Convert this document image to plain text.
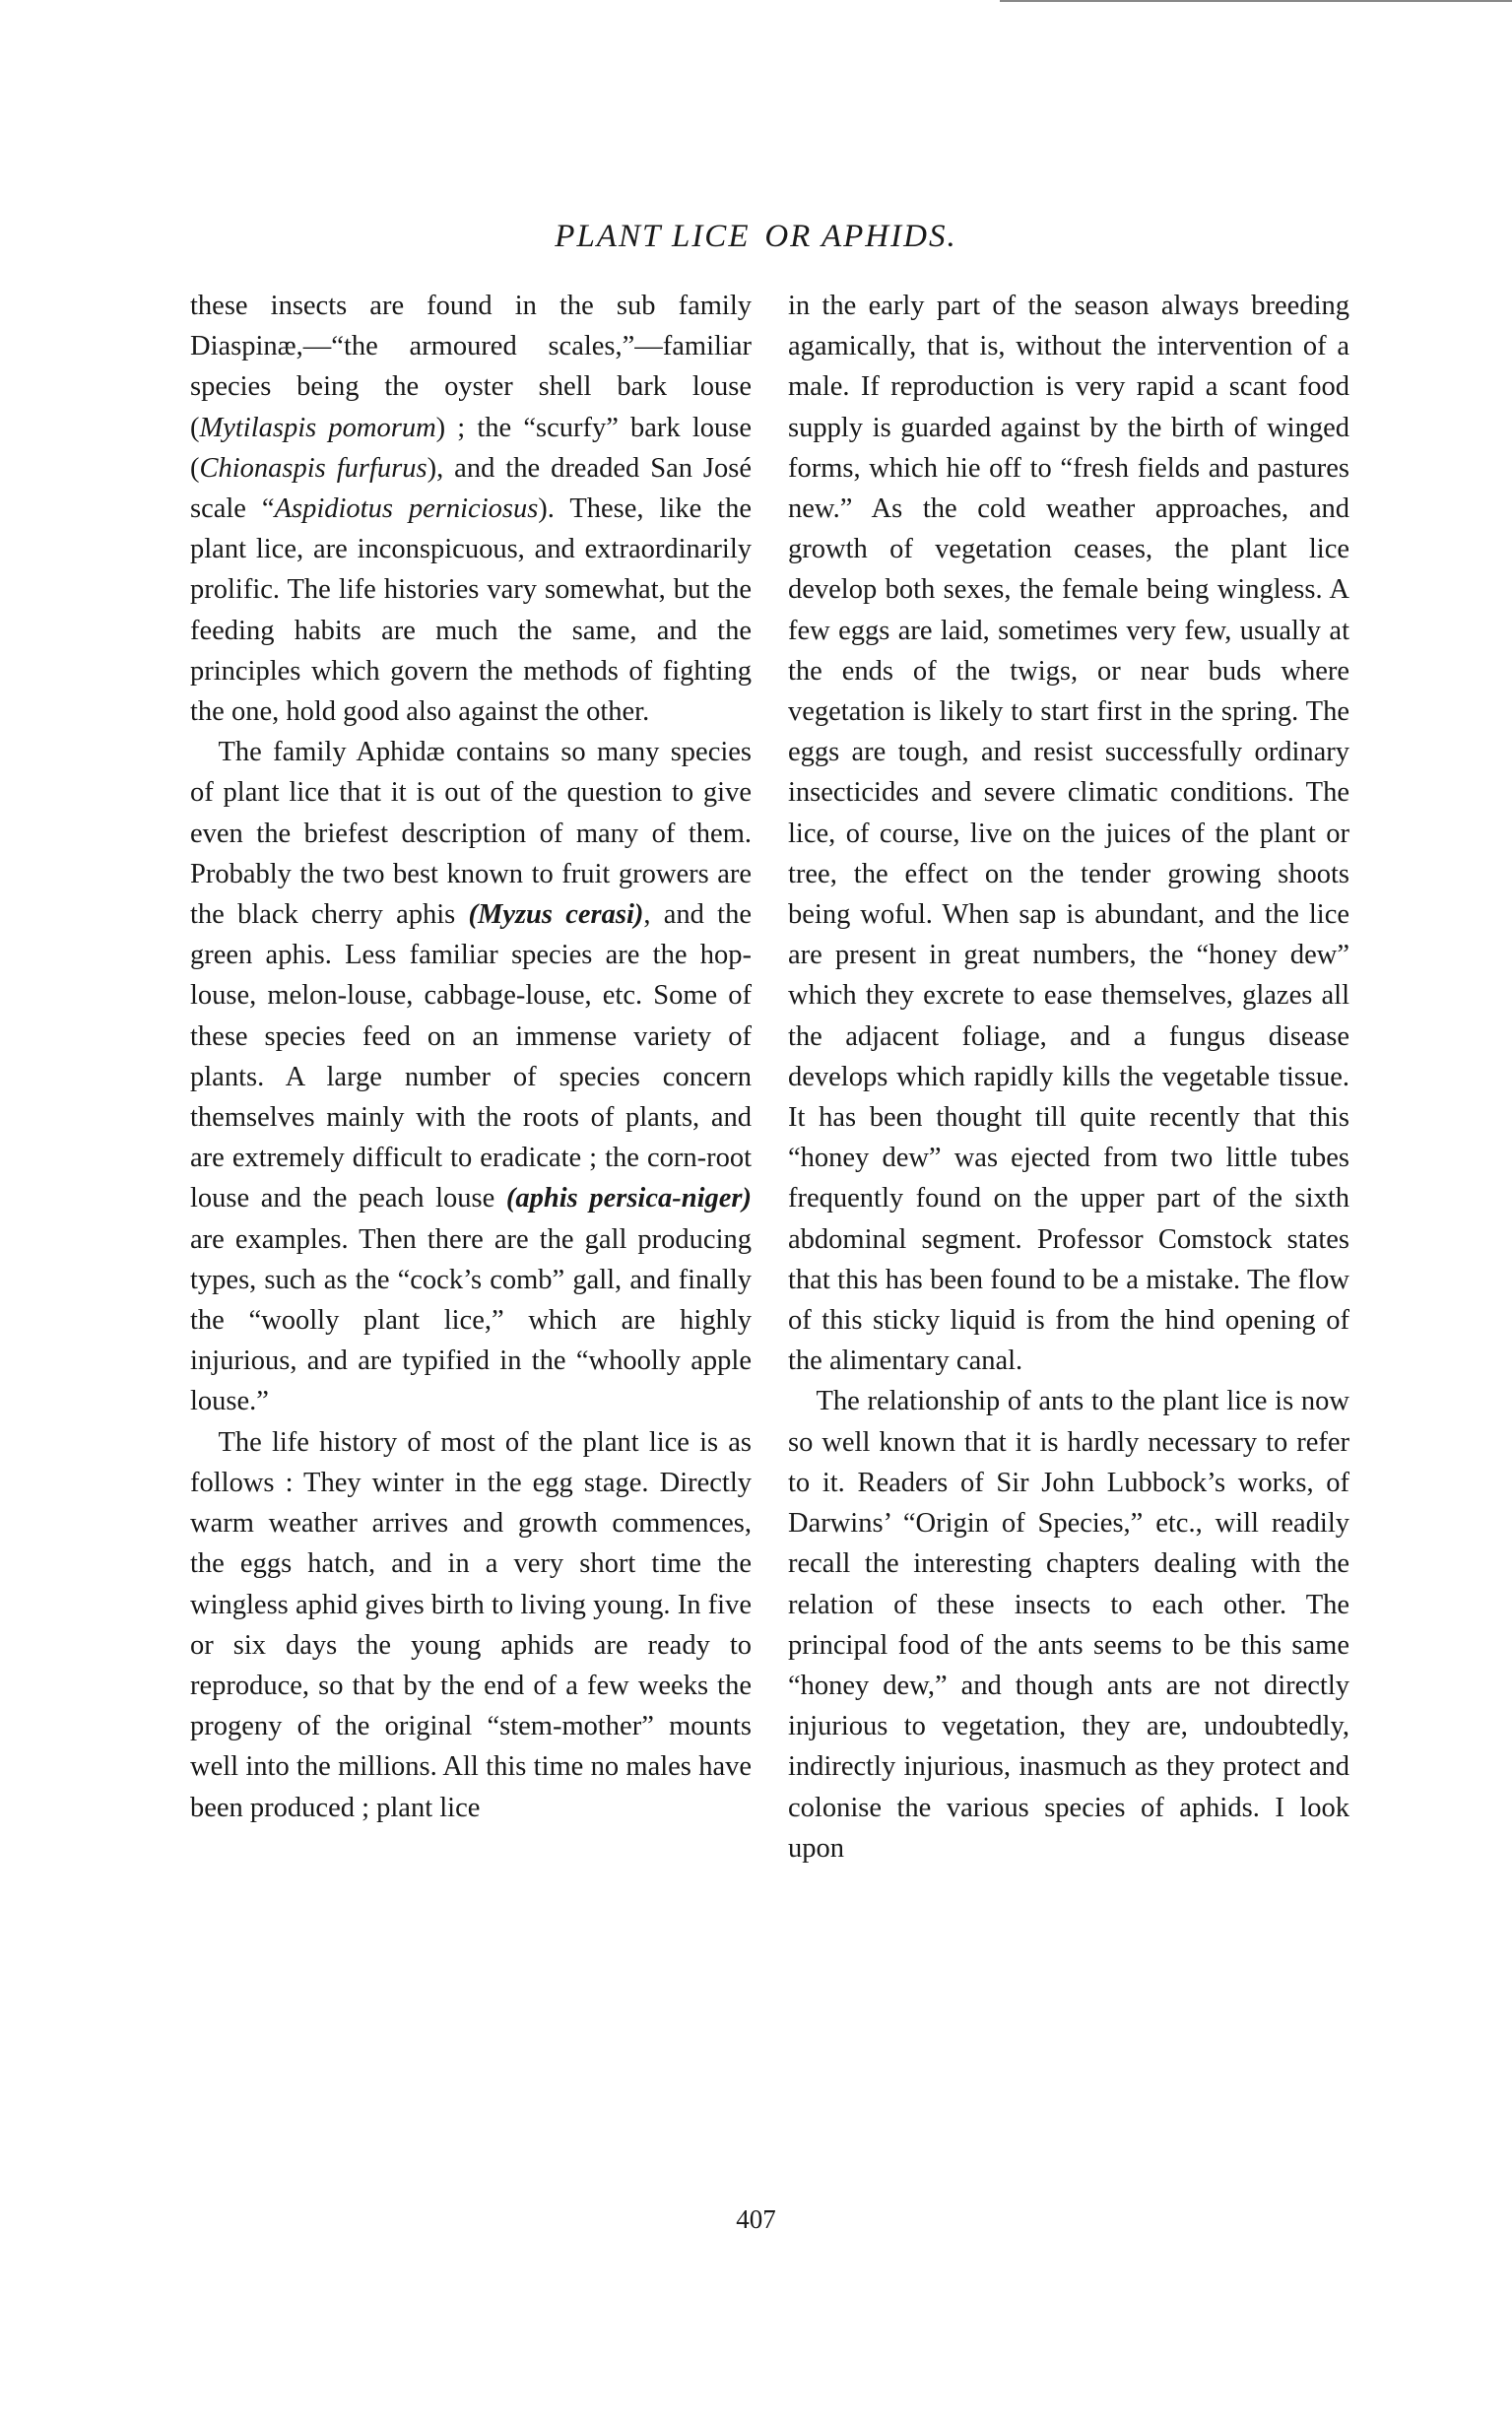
PLANT LICE OR APHIDS.

these insects are found in the sub family Diaspinæ,—“the armoured scales,”—familiar species being the oyster shell bark louse (Mytilaspis pomorum) ; the “scurfy” bark louse (Chionaspis furfurus), and the dreaded San José scale “Aspidiotus perniciosus). These, like the plant lice, are inconspicuous, and extraordinarily prolific. The life histories vary somewhat, but the feeding habits are much the same, and the principles which govern the methods of fighting the one, hold good also against the other.

The family Aphidæ contains so many species of plant lice that it is out of the question to give even the briefest description of many of them. Probably the two best known to fruit growers are the black cherry aphis (Myzus cerasi), and the green aphis. Less familiar species are the hop-louse, melon-louse, cabbage-louse, etc. Some of these species feed on an immense variety of plants. A large number of species concern themselves mainly with the roots of plants, and are extremely difficult to eradicate ; the corn-root louse and the peach louse (aphis persica-niger) are examples. Then there are the gall producing types, such as the “cock’s comb” gall, and finally the “woolly plant lice,” which are highly injurious, and are typified in the “whoolly apple louse.”

The life history of most of the plant lice is as follows : They winter in the egg stage. Directly warm weather arrives and growth commences, the eggs hatch, and in a very short time the wingless aphid gives birth to living young. In five or six days the young aphids are ready to reproduce, so that by the end of a few weeks the progeny of the original “stem-mother” mounts well into the millions. All this time no males have been produced ; plant lice

in the early part of the season always breeding agamically, that is, without the intervention of a male. If reproduction is very rapid a scant food supply is guarded against by the birth of winged forms, which hie off to “fresh fields and pastures new.” As the cold weather approaches, and growth of vegetation ceases, the plant lice develop both sexes, the female being wingless. A few eggs are laid, sometimes very few, usually at the ends of the twigs, or near buds where vegetation is likely to start first in the spring. The eggs are tough, and resist successfully ordinary insecticides and severe climatic conditions. The lice, of course, live on the juices of the plant or tree, the effect on the tender growing shoots being woful. When sap is abundant, and the lice are present in great numbers, the “honey dew” which they excrete to ease themselves, glazes all the adjacent foliage, and a fungus disease develops which rapidly kills the vegetable tissue. It has been thought till quite recently that this “honey dew” was ejected from two little tubes frequently found on the upper part of the sixth abdominal segment. Professor Comstock states that this has been found to be a mistake. The flow of this sticky liquid is from the hind opening of the alimentary canal.

The relationship of ants to the plant lice is now so well known that it is hardly necessary to refer to it. Readers of Sir John Lubbock’s works, of Darwins’ “Origin of Species,” etc., will readily recall the interesting chapters dealing with the relation of these insects to each other. The principal food of the ants seems to be this same “honey dew,” and though ants are not directly injurious to vegetation, they are, undoubtedly, indirectly injurious, inasmuch as they protect and colonise the various species of aphids. I look upon

407
